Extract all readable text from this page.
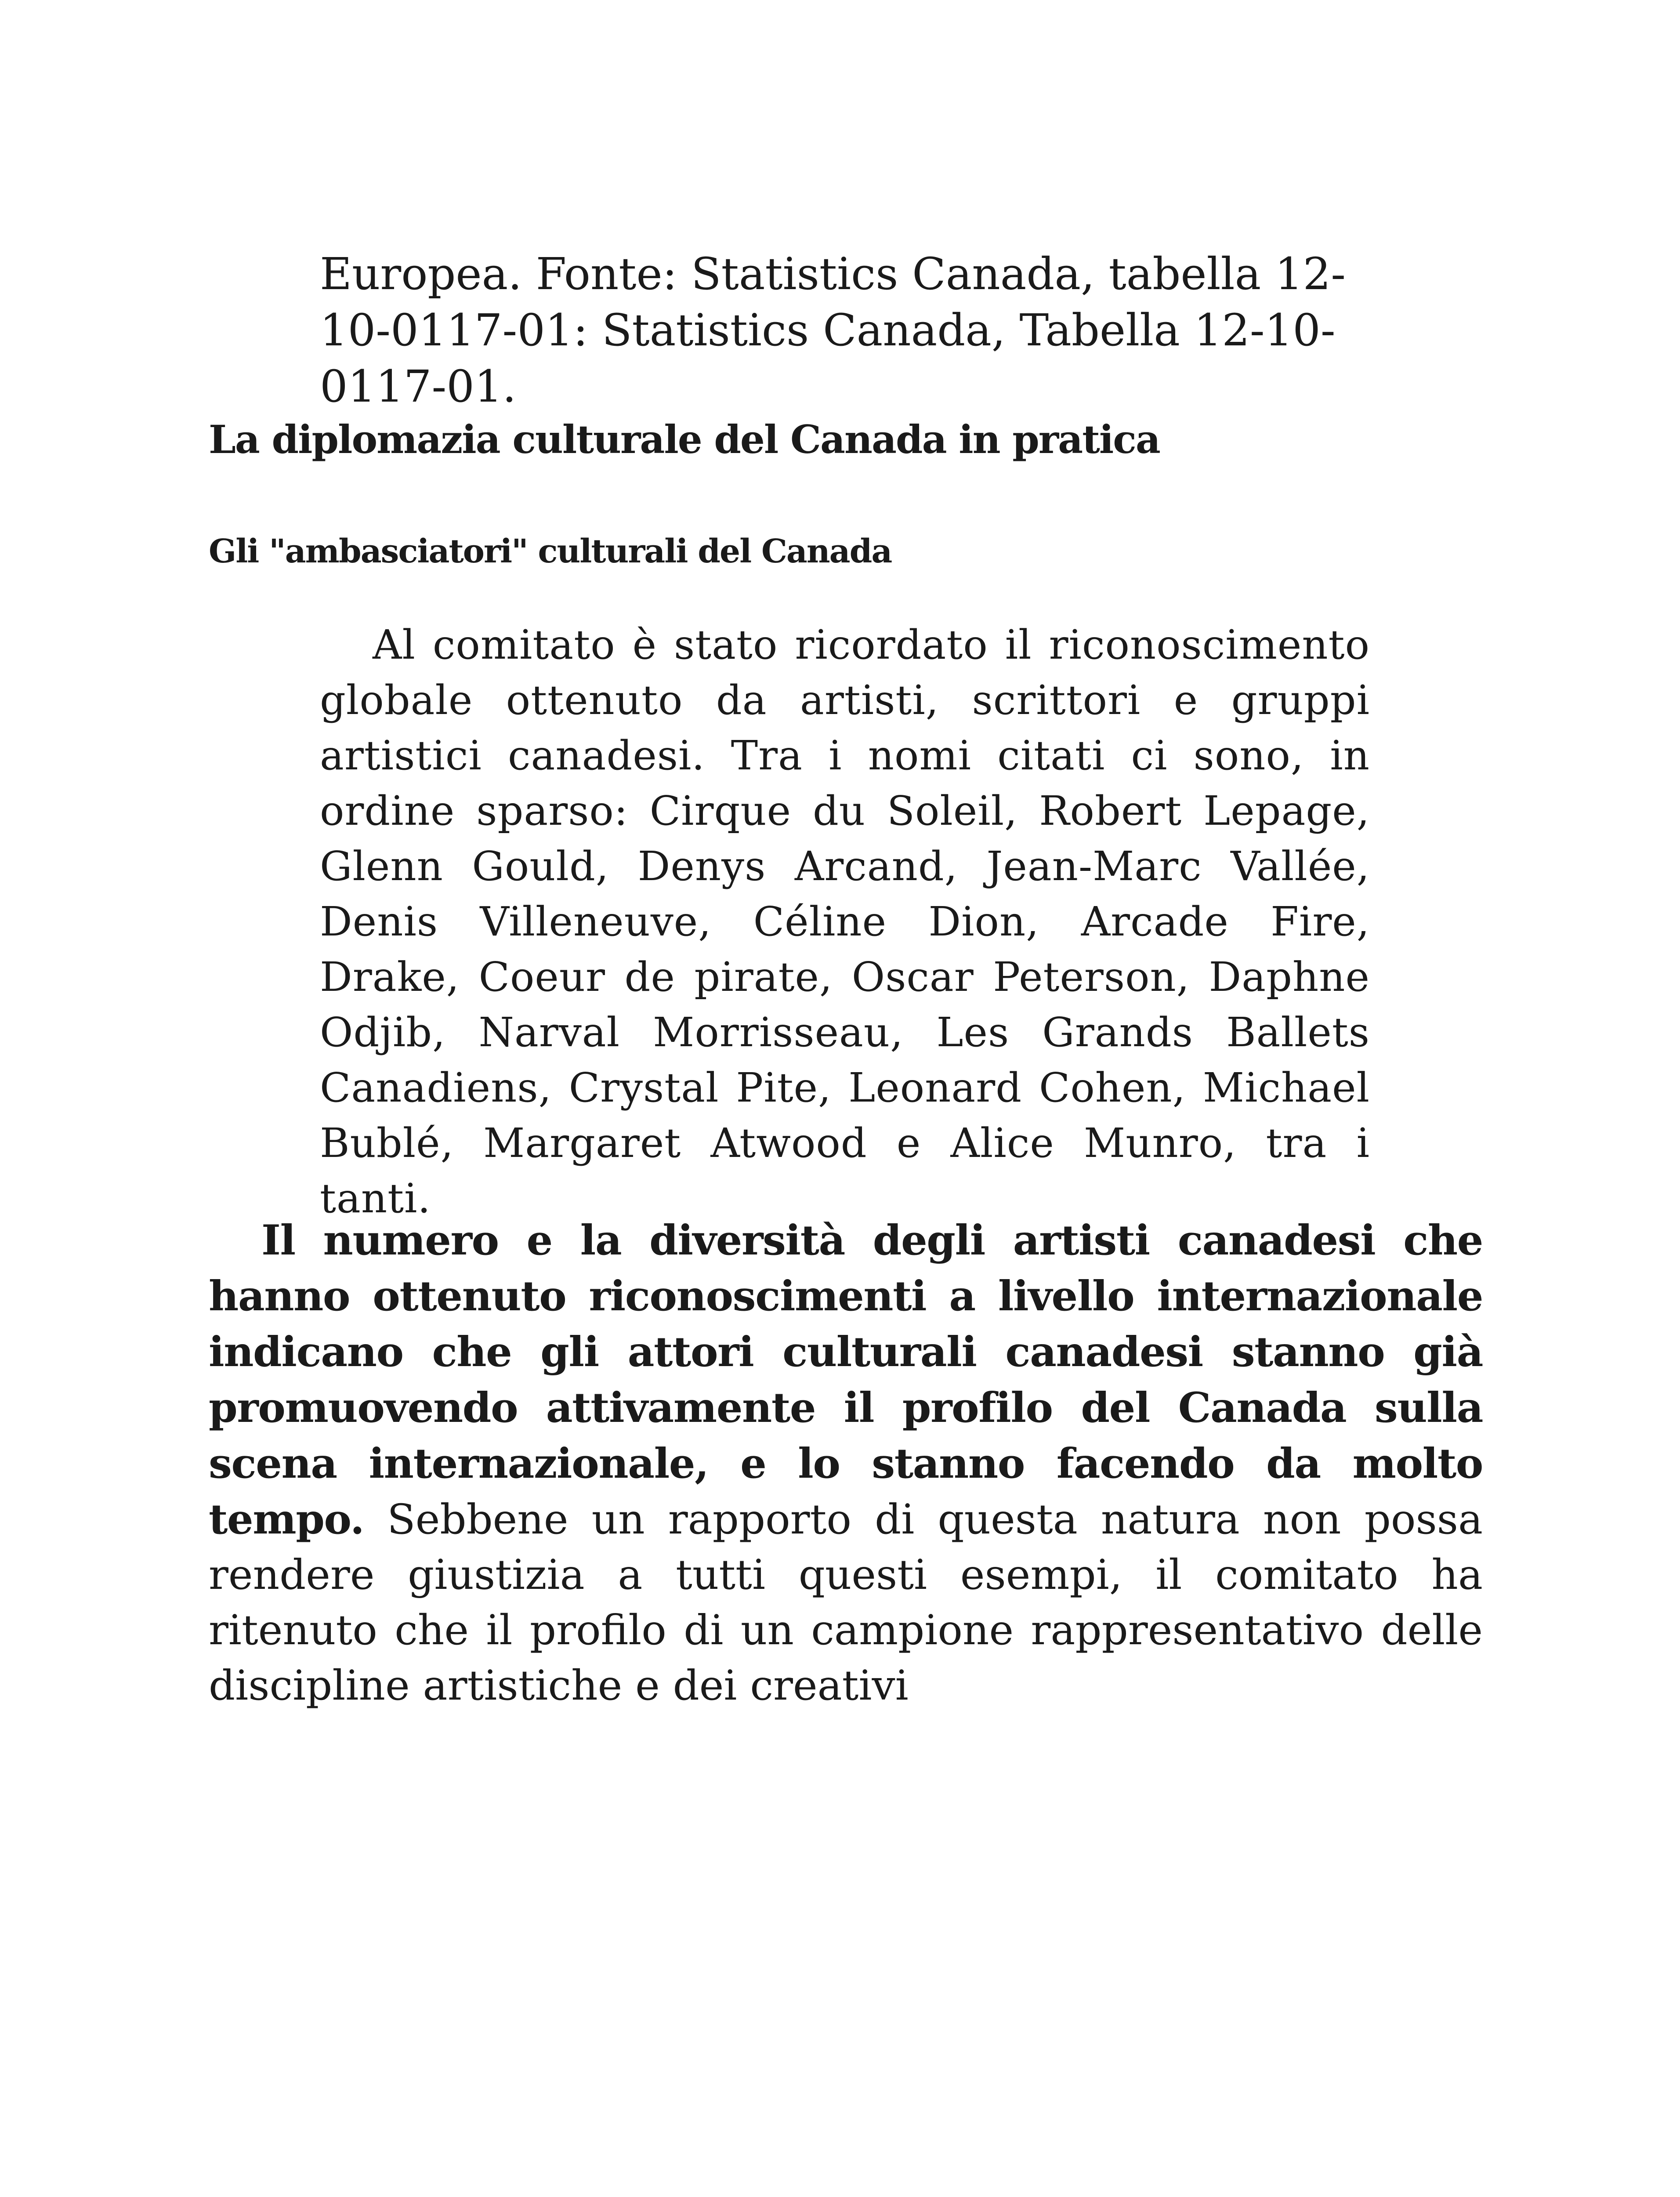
Europea. Fonte: Statistics Canada, tabella 12-10-0117-01: Statistics Canada, Tabella 12-10-0117-01.

La diplomazia culturale del Canada in pratica
Gli "ambasciatori" culturali del Canada

Al comitato è stato ricordato il riconoscimento globale ottenuto da artisti, scrittori e gruppi artistici canadesi. Tra i nomi citati ci sono, in ordine sparso: Cirque du Soleil, Robert Lepage, Glenn Gould, Denys Arcand, Jean-Marc Vallée, Denis Villeneuve, Céline Dion, Arcade Fire, Drake, Coeur de pirate, Oscar Peterson, Daphne Odjib, Narval Morrisseau, Les Grands Ballets Canadiens, Crystal Pite, Leonard Cohen, Michael Bublé, Margaret Atwood e Alice Munro, tra i tanti.

Il numero e la diversità degli artisti canadesi che hanno ottenuto riconoscimenti a livello internazionale indicano che gli attori culturali canadesi stanno già promuovendo attivamente il profilo del Canada sulla scena internazionale, e lo stanno facendo da molto tempo. Sebbene un rapporto di questa natura non possa rendere giustizia a tutti questi esempi, il comitato ha ritenuto che il profilo di un campione rappresentativo delle discipline artistiche e dei creativi
